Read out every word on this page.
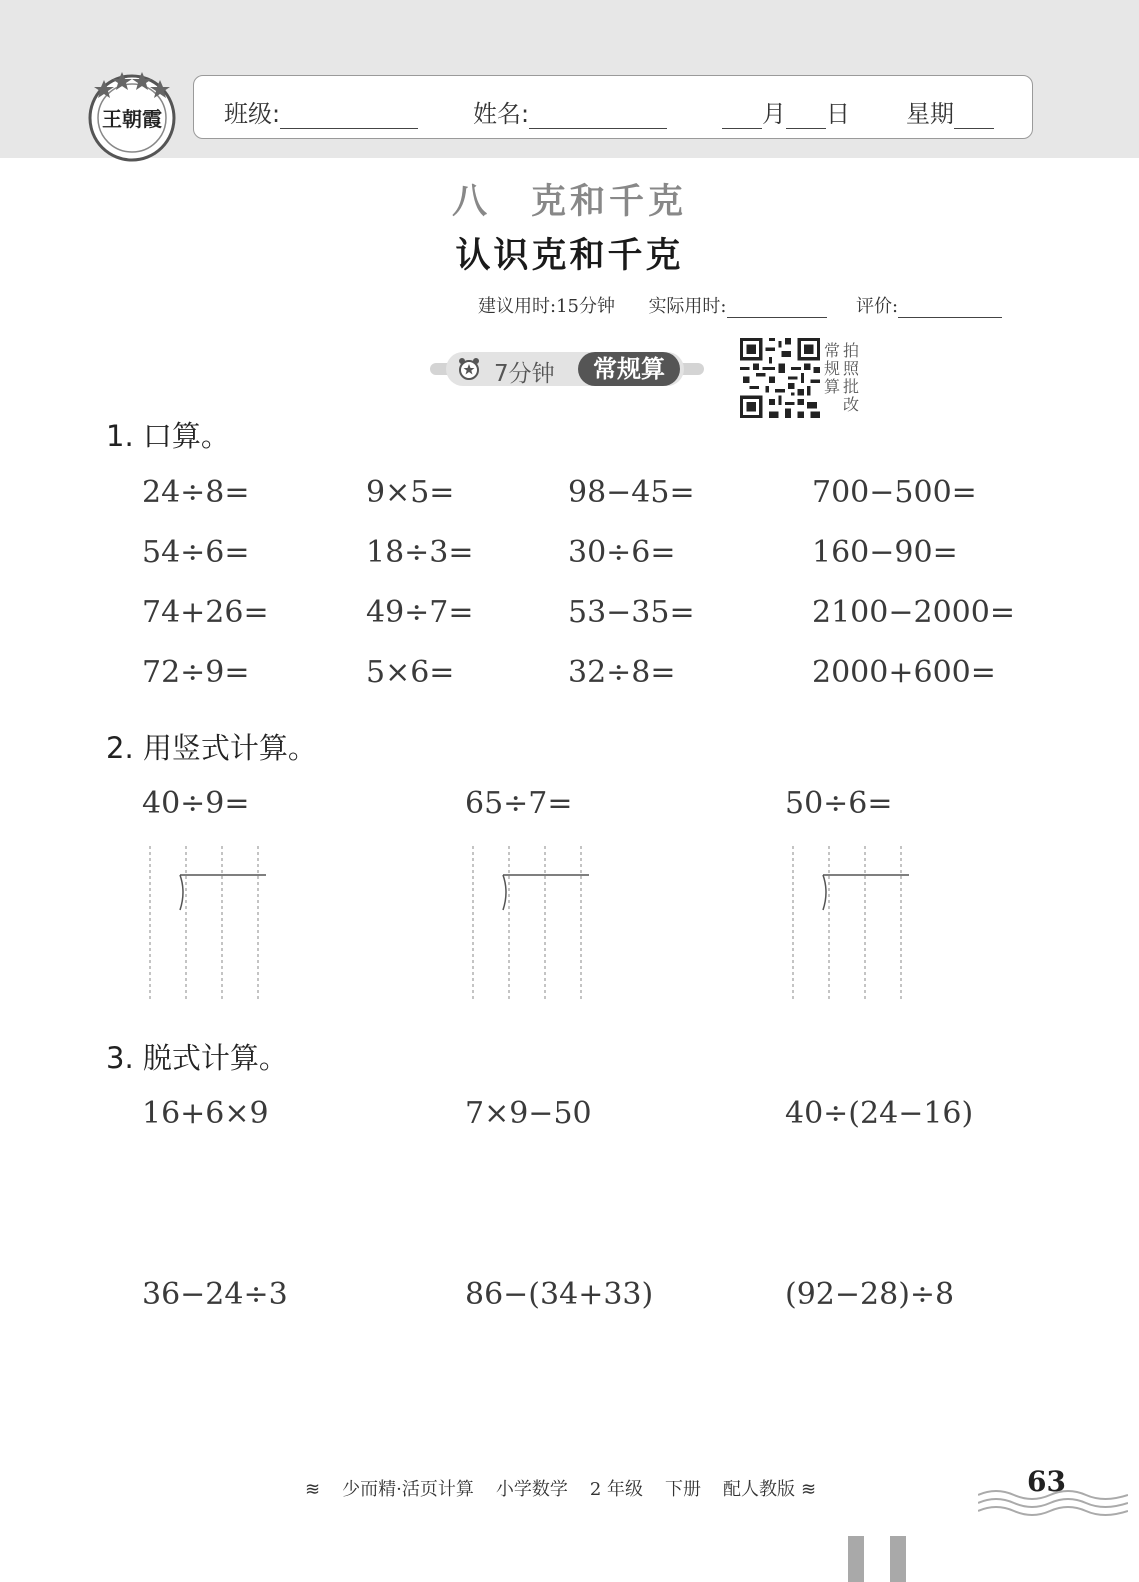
王朝霞	班级:	姓名:	月 日 星期
八 克和千克
认识克和千克
建议用时:15分钟 实际用时:	评价:
7分钟	常规算
常规算
拍照批改
1. 口算。
24÷8=	9×5=	98−45=	700−500=
54÷6=	18÷3=	30÷6=	160−90=
74+26=	49÷7=	53−35=	2100−2000=
72÷9=	5×6=	32÷8=	2000+600=
2. 用竖式计算。
40÷9=	65÷7=	50÷6=
3. 脱式计算。
16+6×9	7×9−50	40÷(24−16)
36−24÷3	86−(34+33)	(92−28)÷8
≋ 少而精·活页计算 小学数学 2 年级 下册 配人教版 ≋	63
